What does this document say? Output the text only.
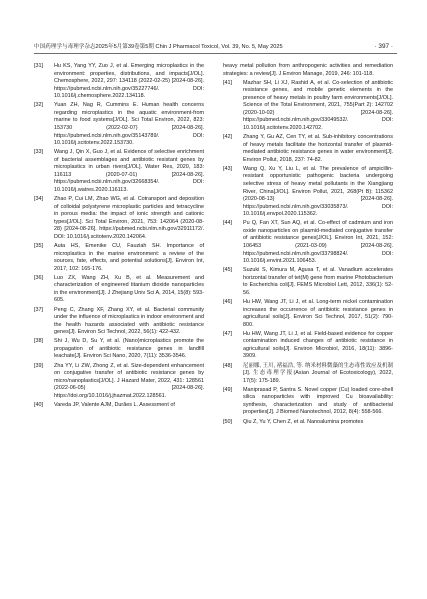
中国药理学与毒理学杂志2025年5月第39卷第5期 Chin J Pharmacol Toxicol, Vol. 39, No. 5, May 2025	· 397 ·
[31] Hu KS, Yang YY, Zuo J, et al. Emerging microplastics in the environment: properties, distributions, and impacts[J/OL]. Chemosphere, 2022, 297: 134118 (2022-02-25) [2024-08-26]. https://pubmed.ncbi.nlm.nih.gov/35227746/. DOI: 10.1016/j.chemosphere.2022.134118.
[32] Yuan ZH, Nag R, Cummins E. Human health concerns regarding microplastics in the aquatic environment-from marine to food systems[J/OL]. Sci Total Environ, 2022, 823: 153730 (2022-02-07) [2024-08-26]. https://pubmed.ncbi.nlm.nih.gov/35143789/. DOI: 10.1016/j.scitotenv.2022.153730.
[33] Wang J, Qin X, Guo J, et al. Evidence of selective enrichment of bacterial assemblages and antibiotic resistant genes by microplastics in urban rivers[J/OL]. Water Res, 2020, 183: 116113 (2020-07-01) [2024-08-26]. https://pubmed.ncbi.nlm.nih.gov/32668354/. DOI: 10.1016/j.watres.2020.116113.
[34] Zhao P, Cui LM, Zhao WG, et al. Cotransport and deposition of colloidal polystyrene microplastic particles and tetracycline in porous media: the impact of ionic strength and cationic types[J/OL]. Sci Total Environ, 2021, 753: 142064 (2020-08-28) [2024-08-26]. https://pubmed.ncbi.nlm.nih.gov/32911172/. DOI: 10.1016/j.scitotenv.2020.142064.
[35] Auta HS, Emenike CU, Fauziah SH. Importance of microplastics in the marine environment: a review of the sources, fate, effects, and potential solutions[J]. Environ Int, 2017, 102: 165-176.
[36] Luo ZX, Wang ZH, Xu B, et al. Measurement and characterization of engineered titanium dioxide nanoparticles in the environment[J]. J Zhejiang Univ Sci A, 2014, 15(8): 593-605.
[37] Peng C, Zhang XF, Zhang XY, et al. Bacterial community under the influence of microplastics in indoor environment and the health hazards associated with antibiotic resistance genes[J]. Environ Sci Technol, 2022, 56(1): 422-432.
[38] Shi J, Wu D, Su Y, et al. (Nano)microplastics promote the propagation of antibiotic resistance genes in landfill leachate[J]. Environ Sci Nano, 2020, 7(11): 3536-3546.
[39] Zha YY, Li ZW, Zhong Z, et al. Size-dependent enhancement on conjugative transfer of antibiotic resistance genes by micro/nanoplastics[J/OL]. J Hazard Mater, 2022, 431: 128561 (2022-06-05) [2024-08-26]. https://doi.org/10.1016/j.jhazmat.2022.128561.
[40] Vareda JP, Valente AJM, Durães L. Assessment of
heavy metal pollution from anthropogenic activities and remediation strategies: a review[J]. J Environ Manage, 2019, 246: 101-118.
[41] Mazhar SH, Li XJ, Rashid A, et al. Co-selection of antibiotic resistance genes, and mobile genetic elements in the presence of heavy metals in poultry farm environments[J/OL]. Science of the Total Environment, 2021, 755(Part 2): 142702 (2020-10-02) [2024-08-26]. https://pubmed.ncbi.nlm.nih.gov/33049532/. DOI: 10.1016/j.scitotenv.2020.142702.
[42] Zhang Y, Gu AZ, Cen TY, et al. Sub-inhibitory concentrations of heavy metals facilitate the horizontal transfer of plasmid-mediated antibiotic resistance genes in water environment[J]. Environ Pollut, 2018, 237: 74-82.
[43] Wang Q, Xu Y, Liu L, et al. The prevalence of ampicillin-resistant opportunistic pathogenic bacteria undergoing selective stress of heavy metal pollutants in the Xiangjiang River, China[J/OL]. Environ Pollut, 2021, 268(Pt B): 115362 (2020-08-13) [2024-08-26]. https://pubmed.ncbi.nlm.nih.gov/33035873/. DOI: 10.1016/j.envpol.2020.115362.
[44] Pu Q, Fan XT, Sun AQ, et al. Co-effect of cadmium and iron oxide nanoparticles on plasmid-mediated conjugative transfer of antibiotic resistance genes[J/OL]. Environ Int, 2021, 152: 106453 (2021-03-09) [2024-08-26]. https://pubmed.ncbi.nlm.nih.gov/33798824/. DOI: 10.1016/j.envint.2021.106453.
[45] Suzuki S, Kimura M, Agusa T, et al. Vanadium accelerates horizontal transfer of tet(M) gene from marine Photobacterium to Escherichia coli[J]. FEMS Microbiol Lett, 2012, 336(1): 52-56.
[46] Hu HW, Wang JT, Li J, et al. Long-term nickel contamination increases the occurrence of antibiotic resistance genes in agricultural soils[J]. Environ Sci Technol, 2017, 51(2): 790-800.
[47] Hu HW, Wang JT, Li J, et al. Field-based evidence for copper contamination induced changes of antibiotic resistance in agricultural soils[J]. Environ Microbiol, 2016, 18(11): 3896-3909.
[48] 尼丽娜, 王川, 褚福浩, 等. 纳米材料微藻的生态毒性效应及机制[J]. 生态毒理学报(Asian Journal of Ecotoxicology), 2022, 17(5): 175-189.
[49] Maniprasad P, Santra S. Novel copper (Cu) loaded core-shell silica nanoparticles with improved Cu bioavailability: synthesis, characterization and study of antibacterial properties[J]. J Biomed Nanotechnol, 2012, 8(4): 558-566.
[50] Qiu Z, Yu Y, Chen Z, et al. Nanoalumina promotes
